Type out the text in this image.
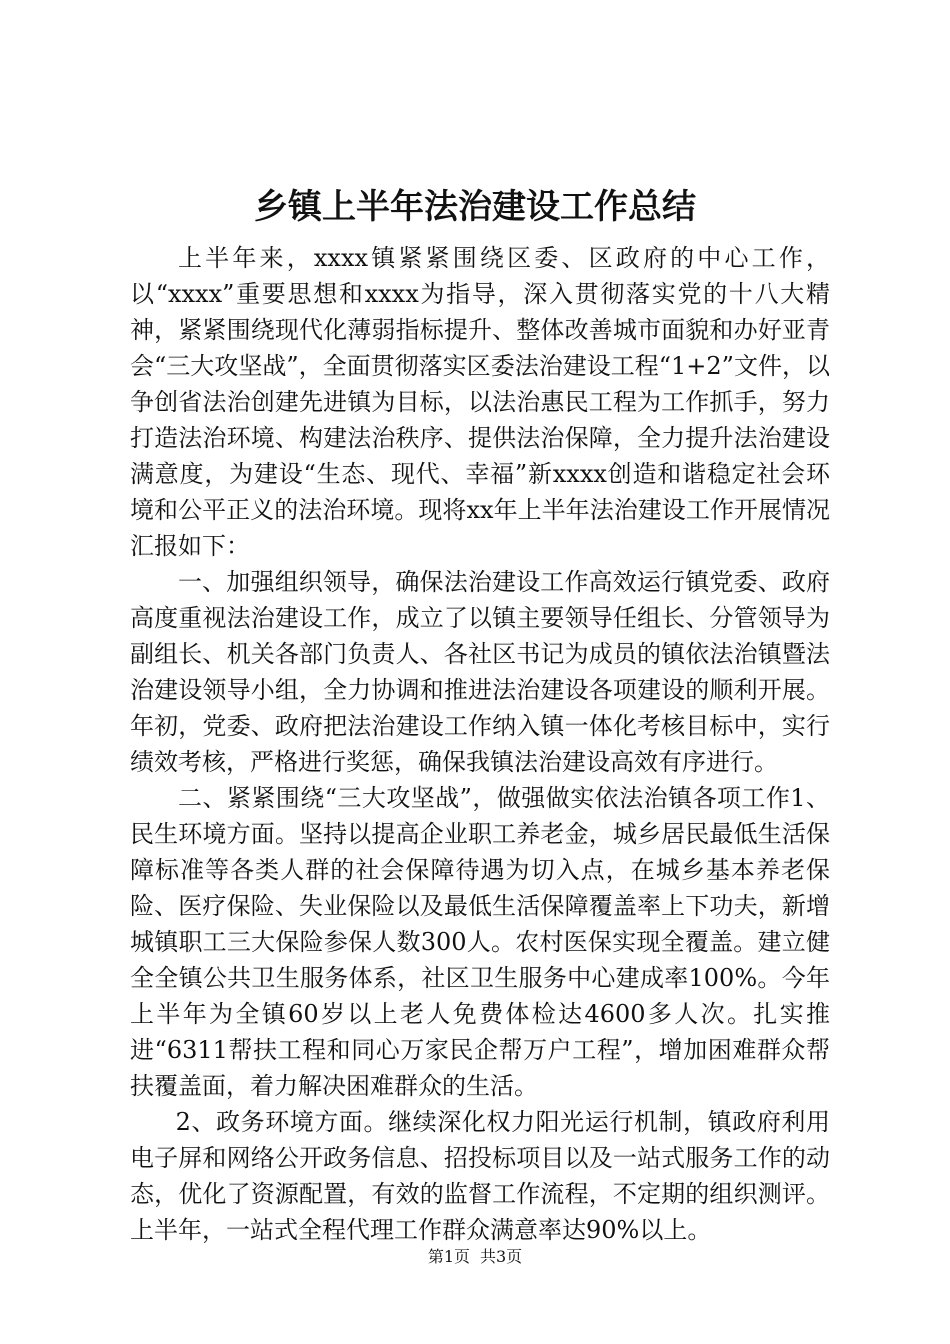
乡镇上半年法治建设工作总结

上半年来，xxxx镇紧紧围绕区委、区政府的中心工作，以“xxxx”重要思想和xxxx为指导，深入贯彻落实党的十八大精神，紧紧围绕现代化薄弱指标提升、整体改善城市面貌和办好亚青会“三大攻坚战”，全面贯彻落实区委法治建设工程“1+2”文件，以争创省法治创建先进镇为目标，以法治惠民工程为工作抓手，努力打造法治环境、构建法治秩序、提供法治保障，全力提升法治建设满意度，为建设“生态、现代、幸福”新xxxx创造和谐稳定社会环境和公平正义的法治环境。现将xx年上半年法治建设工作开展情况汇报如下：

一、加强组织领导，确保法治建设工作高效运行镇党委、政府高度重视法治建设工作，成立了以镇主要领导任组长、分管领导为副组长、机关各部门负责人、各社区书记为成员的镇依法治镇暨法治建设领导小组，全力协调和推进法治建设各项建设的顺利开展。年初，党委、政府把法治建设工作纳入镇一体化考核目标中，实行绩效考核，严格进行奖惩，确保我镇法治建设高效有序进行。

二、紧紧围绕“三大攻坚战”，做强做实依法治镇各项工作1、民生环境方面。坚持以提高企业职工养老金，城乡居民最低生活保障标准等各类人群的社会保障待遇为切入点，在城乡基本养老保险、医疗保险、失业保险以及最低生活保障覆盖率上下功夫，新增城镇职工三大保险参保人数300人。农村医保实现全覆盖。建立健全全镇公共卫生服务体系，社区卫生服务中心建成率100%。今年上半年为全镇60岁以上老人免费体检达4600多人次。扎实推进“6311帮扶工程和同心万家民企帮万户工程”，增加困难群众帮扶覆盖面，着力解决困难群众的生活。

2、政务环境方面。继续深化权力阳光运行机制，镇政府利用电子屏和网络公开政务信息、招投标项目以及一站式服务工作的动态，优化了资源配置，有效的监督工作流程，不定期的组织测评。上半年，一站式全程代理工作群众满意率达90%以上。

第1页 共3页
